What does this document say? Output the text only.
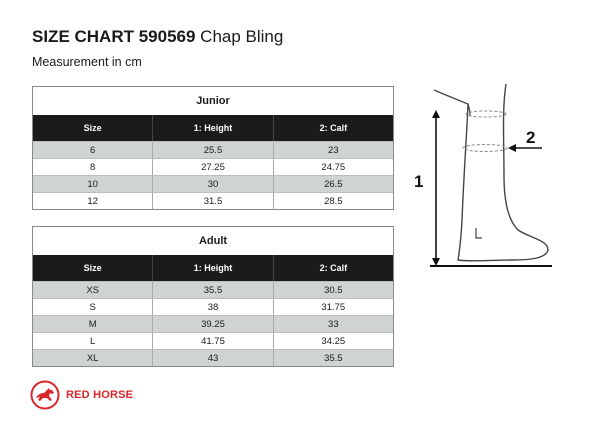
SIZE CHART 590569 Chap Bling
Measurement in cm
Junior
Size	1: Height	2: Calf
6	25.5	23
8	27.25	24.75
10	30	26.5
12	31.5	28.5
Adult
Size	1: Height	2: Calf
XS	35.5	30.5
S	38	31.75
M	39.25	33
L	41.75	34.25
XL	43	35.5
1
2
RED HORSE
